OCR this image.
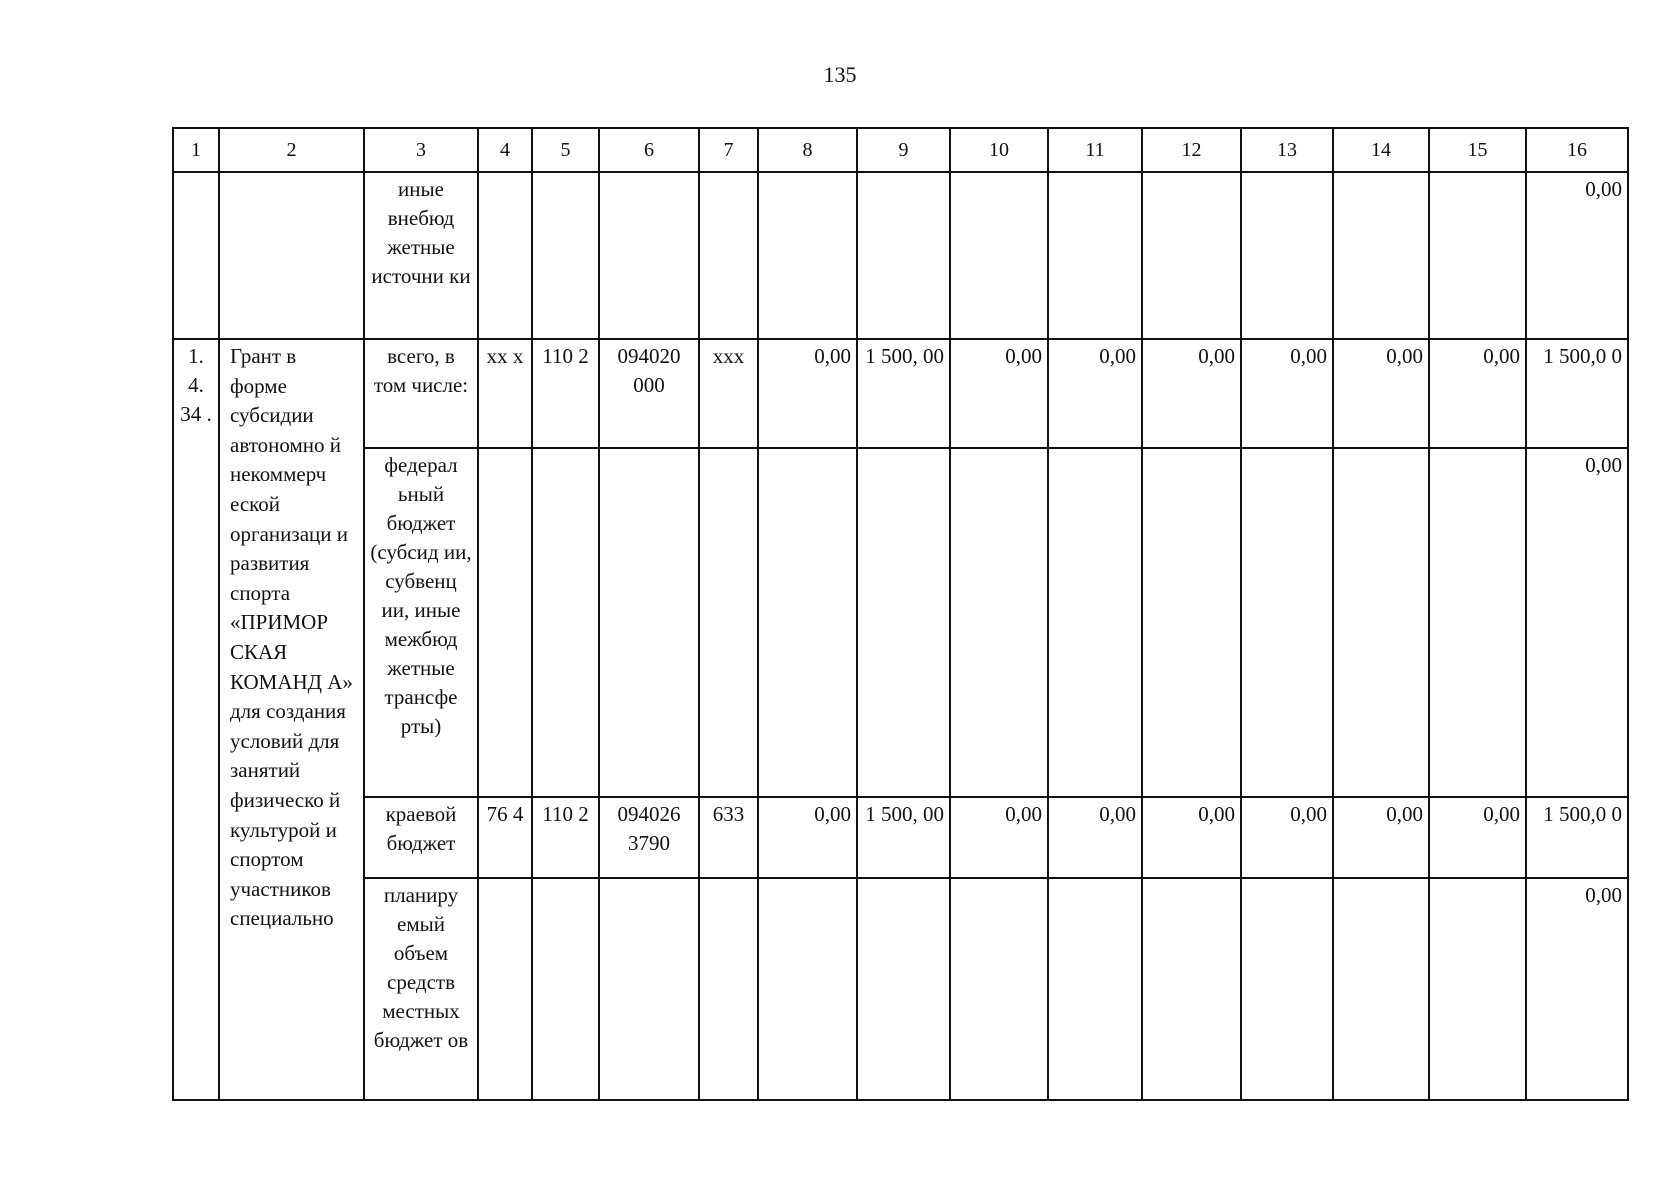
135
1	2	3	4	5	6	7	8	9	10	11	12	13	14	15	16
		иные внебюд жетные источни ки													0,00
1. 4. 34 .	Грант в форме субсидии автономно й некоммерч еской организаци и развития спорта «ПРИМОР СКАЯ КОМАНД А» для создания условий для занятий физическо й культурой и спортом участников специально	всего, в том числе:	хх х	110 2	094020 000	ххх	0,00	1 500, 00	0,00	0,00	0,00	0,00	0,00	0,00	1 500,0 0
		федерал ьный бюджет (субсид ии, субвенц ии, иные межбюд жетные трансфе рты)													0,00
		краевой бюджет	76 4	110 2	094026 3790	633	0,00	1 500, 00	0,00	0,00	0,00	0,00	0,00	0,00	1 500,0 0
		планиру емый объем средств местных бюджет ов													0,00
